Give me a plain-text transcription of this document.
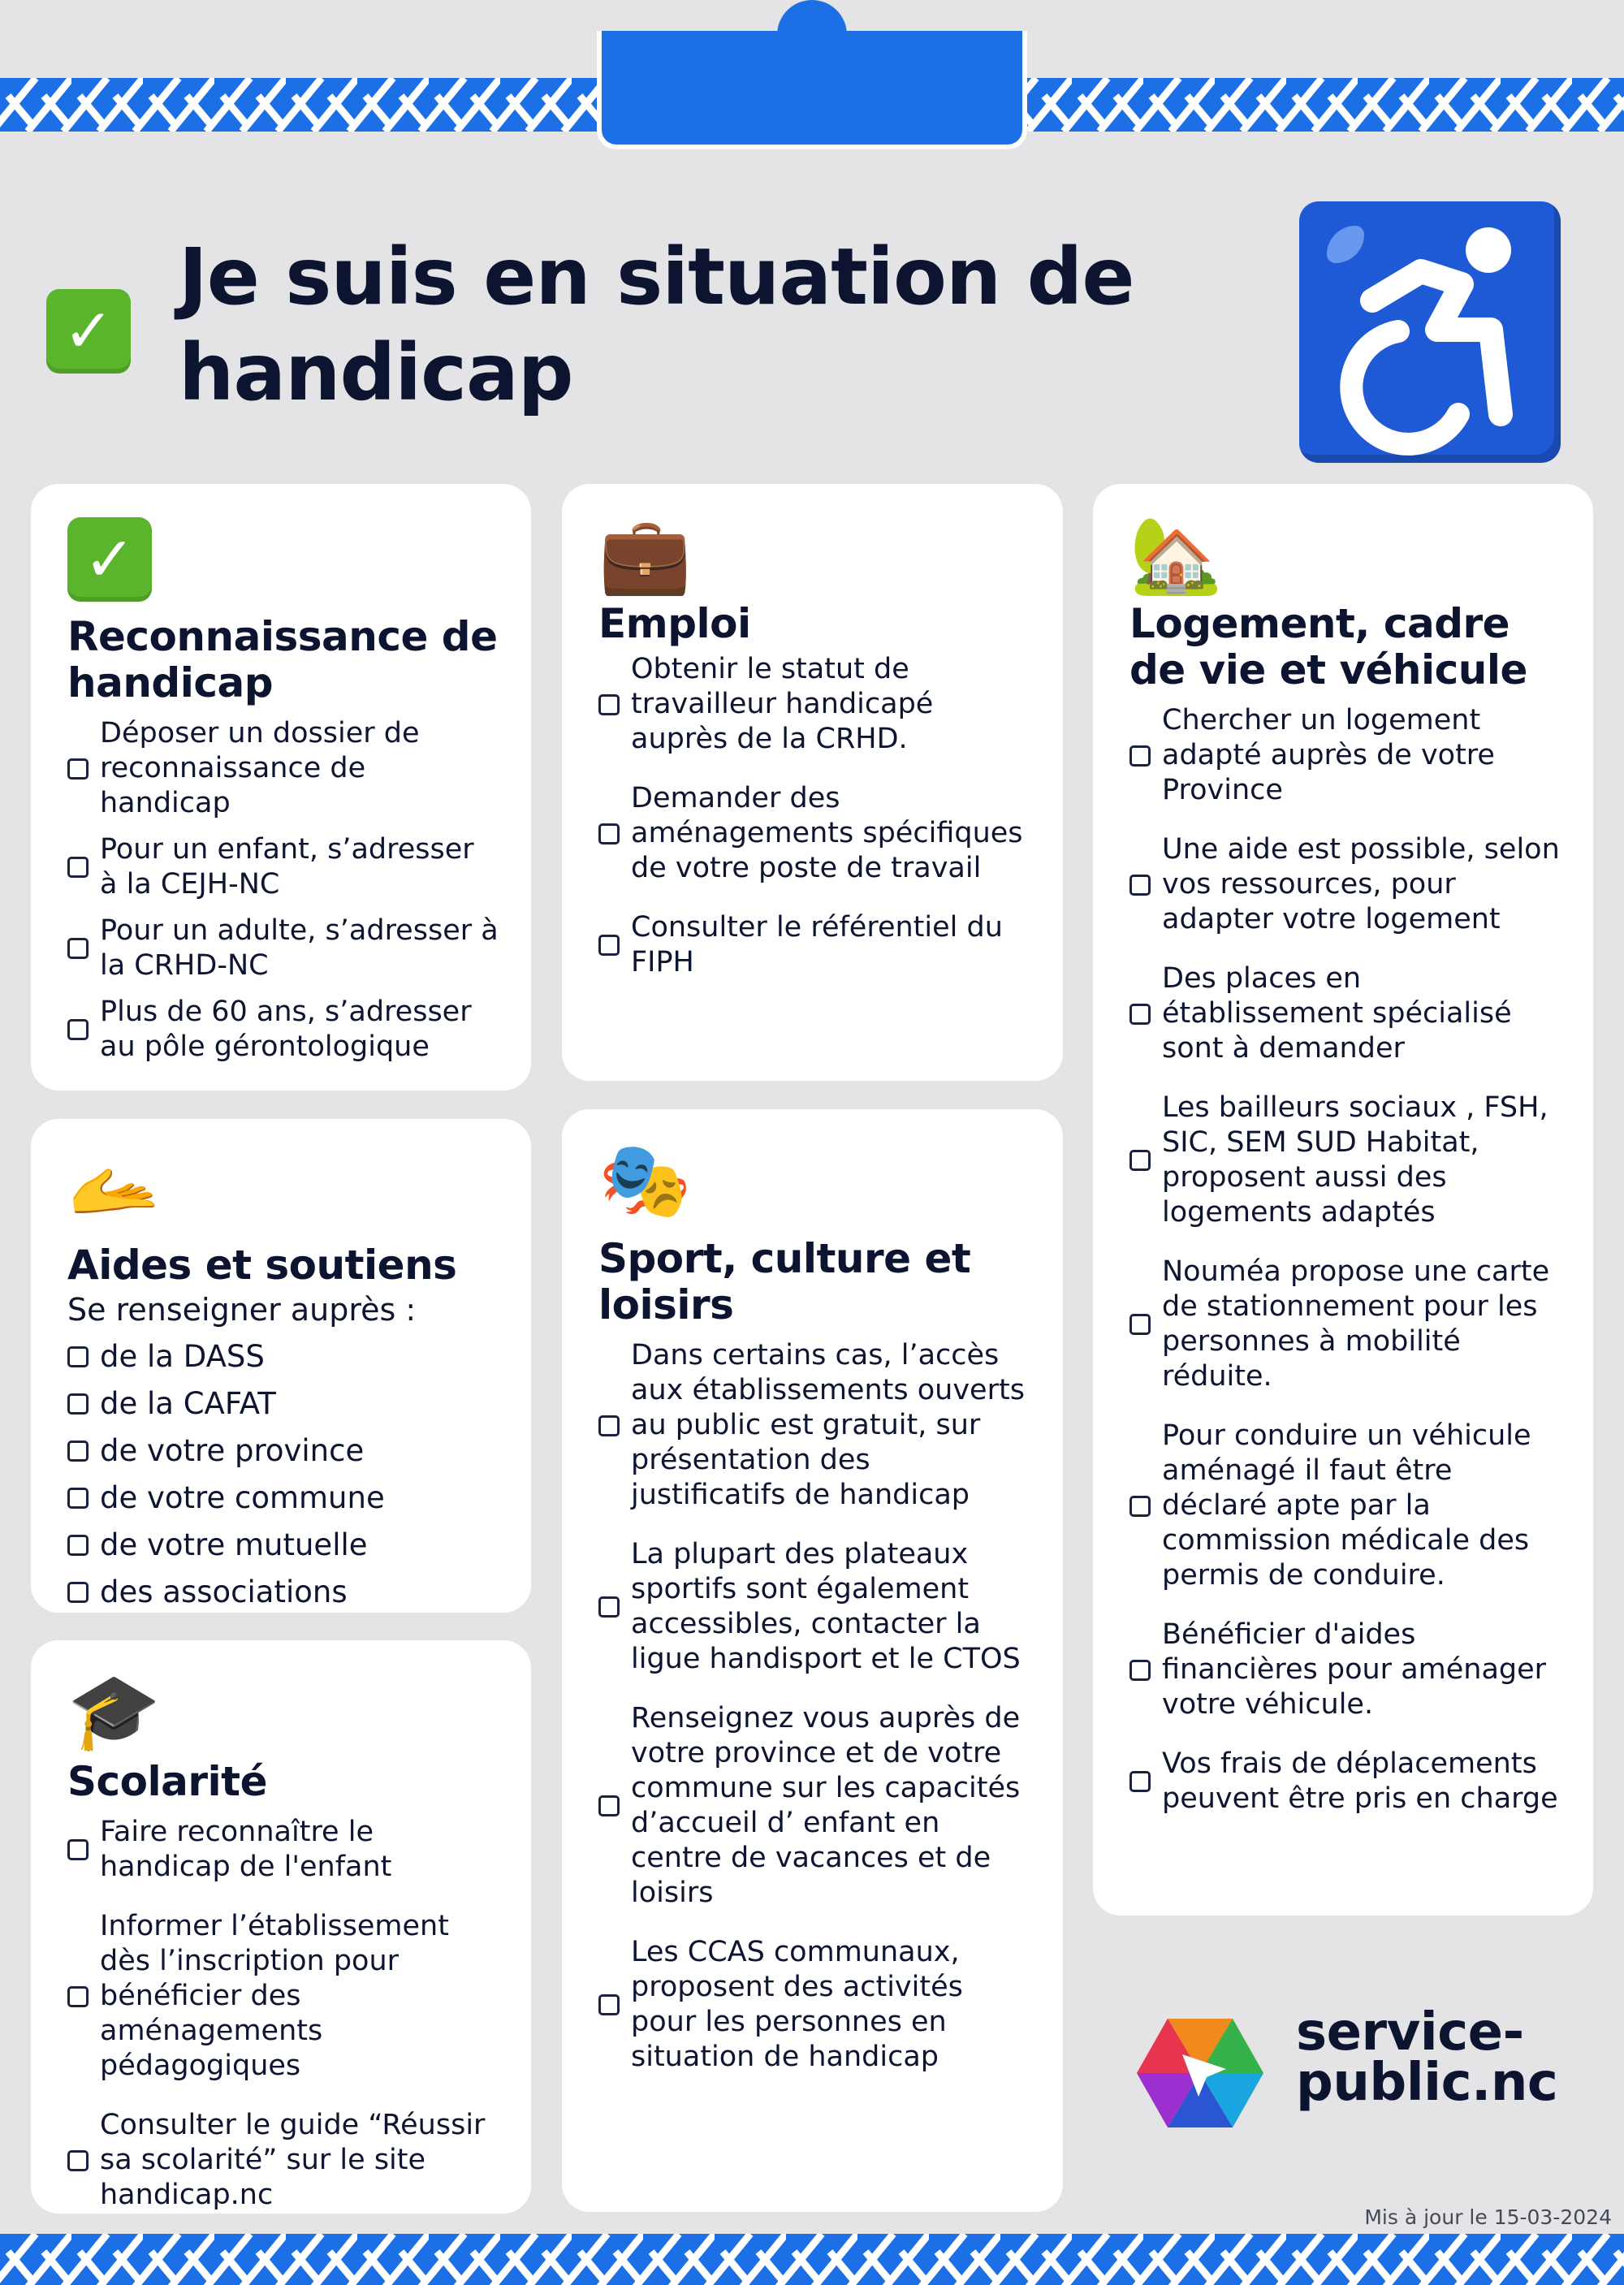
✓
Je suis en situation de handicap
✓
Reconnaissance de handicap
Déposer un dossier de reconnaissance de handicap
Pour un enfant, s’adresser à la CEJH-NC
Pour un adulte, s’adresser à la CRHD-NC
Plus de 60 ans, s’adresser au pôle gérontologique
🫴
Aides et soutiens
Se renseigner auprès :
de la DASS
de la CAFAT
de votre province
de votre commune
de votre mutuelle
des associations
🎓
Scolarité
Faire reconnaître le handicap de l'enfant
Informer l’établissement dès l’inscription pour bénéficier des aménagements pédagogiques
Consulter le guide “Réussir sa scolarité” sur le site handicap.nc
💼
Emploi
Obtenir le statut de travailleur handicapé auprès de la CRHD.
Demander des aménagements spécifiques de votre poste de travail
Consulter le référentiel du FIPH
🎭
Sport, culture et loisirs
Dans certains cas, l’accès aux établissements ouverts au public est gratuit, sur présentation des justificatifs de handicap
La plupart des plateaux sportifs sont également accessibles, contacter la ligue handisport et le CTOS
Renseignez vous auprès de votre province et de votre commune sur les capacités d’accueil d’ enfant en centre de vacances et de loisirs
Les CCAS communaux, proposent des activités pour les personnes en situation de handicap
🏡
Logement, cadre de vie et véhicule
Chercher un logement adapté auprès de votre Province
Une aide est possible, selon vos ressources, pour adapter votre logement
Des places en établissement spécialisé sont à demander
Les bailleurs sociaux , FSH, SIC, SEM SUD Habitat, proposent aussi des logements adaptés
Nouméa propose une carte de stationnement pour les personnes à mobilité réduite.
Pour conduire un véhicule aménagé il faut être déclaré apte par la commission médicale des permis de conduire.
Bénéficier d'aides financières pour aménager votre véhicule.
Vos frais de déplacements peuvent être pris en charge
service-public.nc
Mis à jour le 15-03-2024
